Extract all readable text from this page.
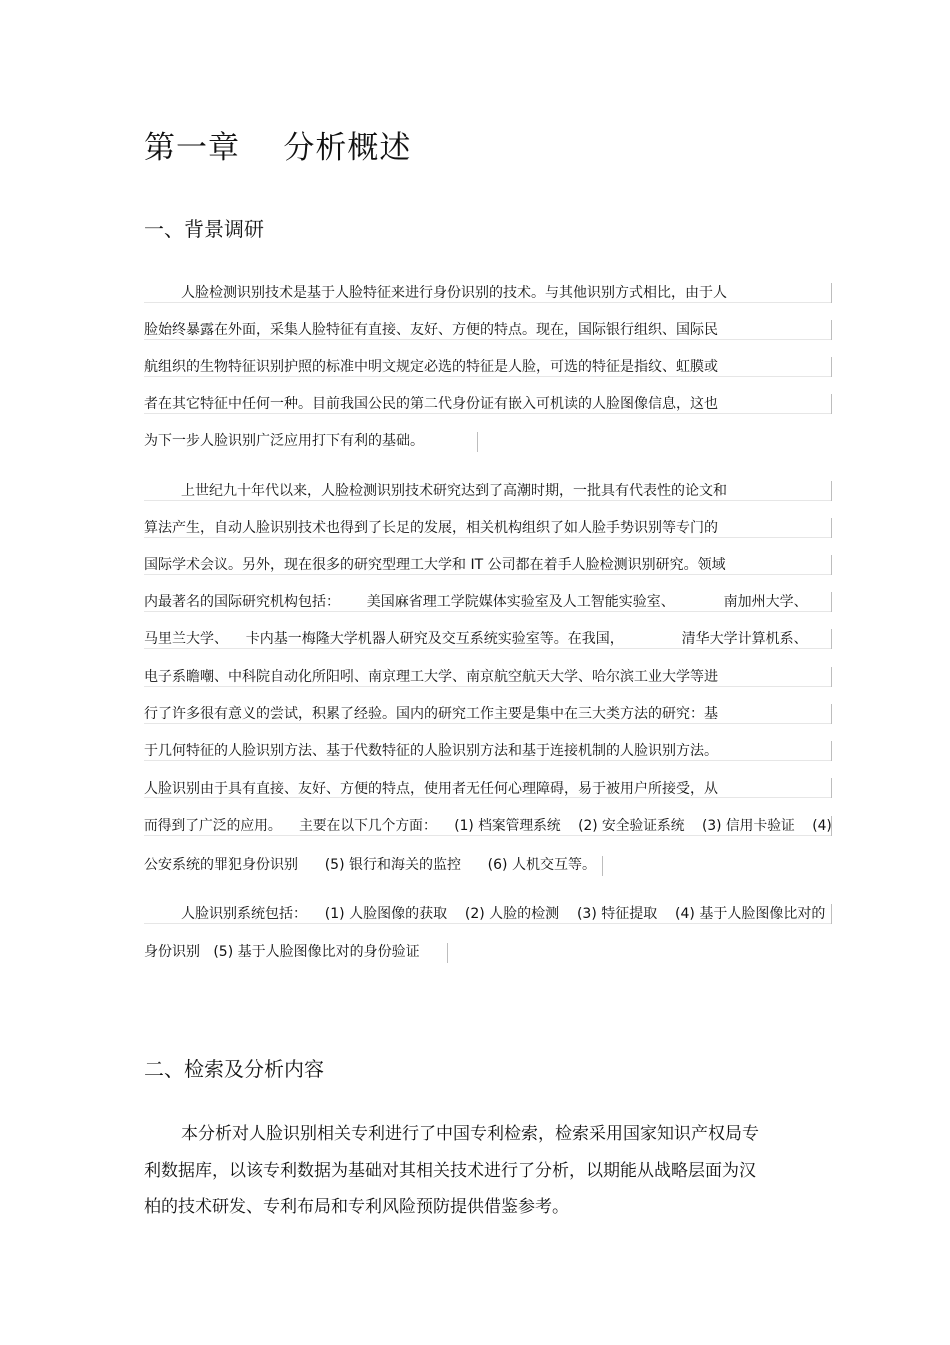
第一章    分析概述
一、背景调研
人脸检测识别技术是基于人脸特征来进行身份识别的技术。与其他识别方式相比，由于人
脸始终暴露在外面，采集人脸特征有直接、友好、方便的特点。现在，国际银行组织、国际民
航组织的生物特征识别护照的标准中明文规定必选的特征是人脸，可选的特征是指纹、虹膜或
者在其它特征中任何一种。目前我国公民的第二代身份证有嵌入可机读的人脸图像信息，这也
为下一步人脸识别广泛应用打下有利的基础。
上世纪九十年代以来，人脸检测识别技术研究达到了高潮时期，一批具有代表性的论文和
算法产生，自动人脸识别技术也得到了长足的发展，相关机构组织了如人脸手势识别等专门的
国际学术会议。另外，现在很多的研究型理工大学和 IT 公司都在着手人脸检测识别研究。领域
内最著名的国际研究机构包括：      美国麻省理工学院媒体实验室及人工智能实验室、           南加州大学、
马里兰大学、    卡内基一梅隆大学机器人研究及交互系统实验室等。在我国，             清华大学计算机系、
电子系瞻嘲、中科院自动化所阳吲、南京理工大学、南京航空航天大学、哈尔滨工业大学等进
行了许多很有意义的尝试，积累了经验。国内的研究工作主要是集中在三大类方法的研究：基
于几何特征的人脸识别方法、基于代数特征的人脸识别方法和基于连接机制的人脸识别方法。
人脸识别由于具有直接、友好、方便的特点，使用者无任何心理障碍，易于被用户所接受，从
而得到了广泛的应用。    主要在以下几个方面：    (1) 档案管理系统    (2) 安全验证系统    (3) 信用卡验证    (4)
公安系统的罪犯身份识别      (5) 银行和海关的监控      (6) 人机交互等。
人脸识别系统包括：    (1) 人脸图像的获取    (2) 人脸的检测    (3) 特征提取    (4) 基于人脸图像比对的
身份识别   (5) 基于人脸图像比对的身份验证
二、检索及分析内容
本分析对人脸识别相关专利进行了中国专利检索，检索采用国家知识产权局专
利数据库，以该专利数据为基础对其相关技术进行了分析，以期能从战略层面为汉
柏的技术研发、专利布局和专利风险预防提供借鉴参考。
